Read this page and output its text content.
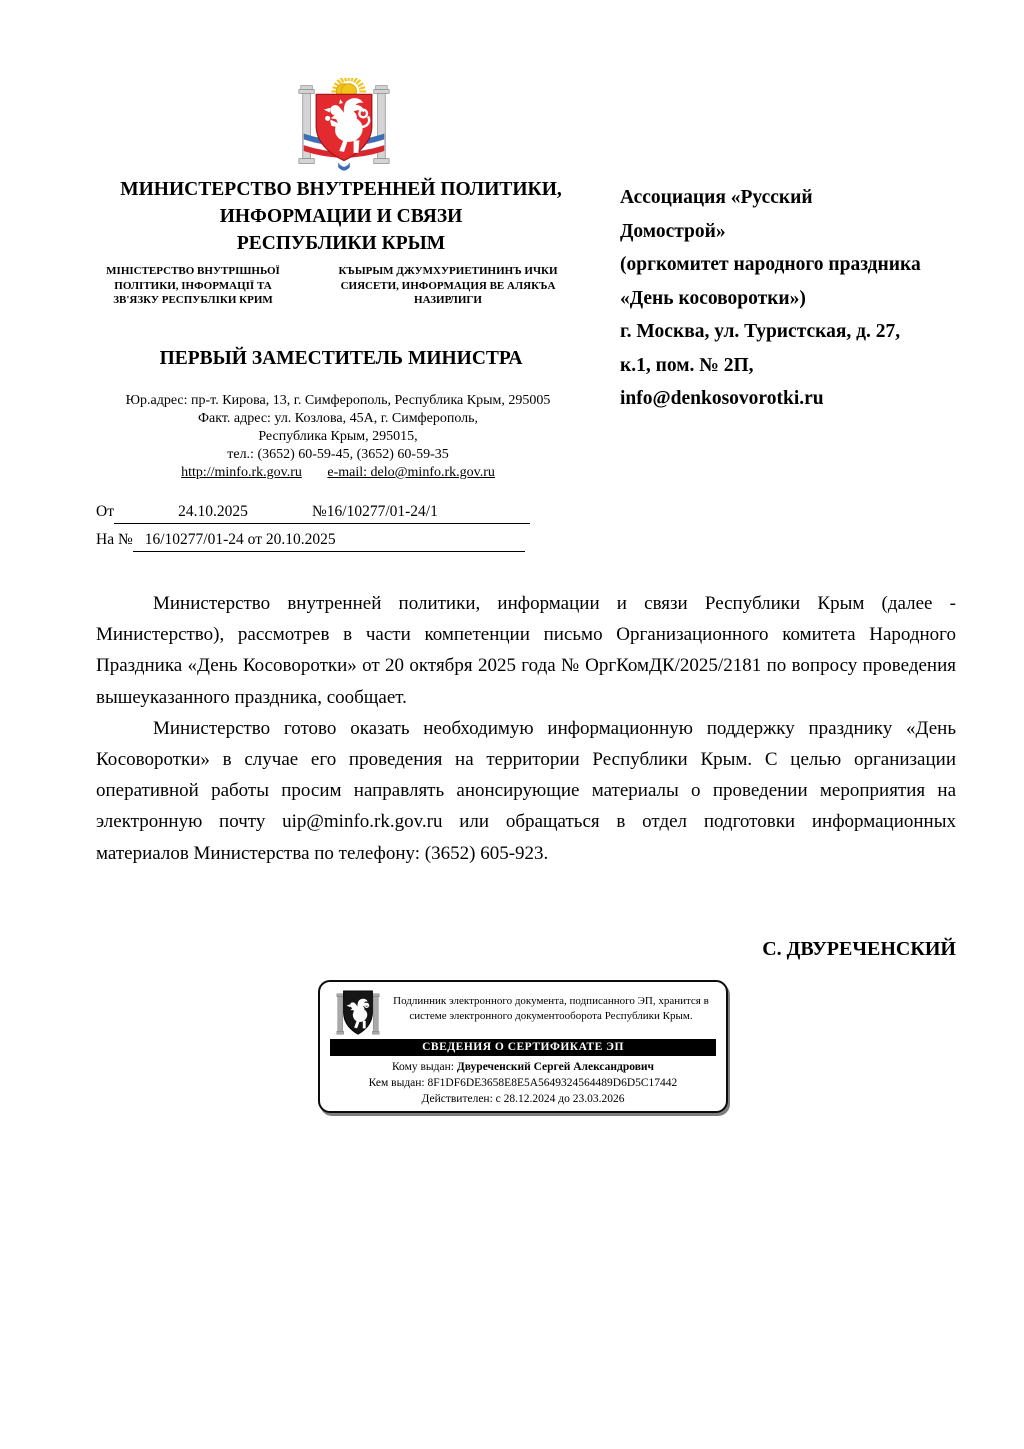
МИНИСТЕРСТВО ВНУТРЕННЕЙ ПОЛИТИКИ,
ИНФОРМАЦИИ И СВЯЗИ
РЕСПУБЛИКИ КРЫМ
МІНІСТЕРСТВО ВНУТРІШНЬОЇ
ПОЛІТИКИ, ІНФОРМАЦІЇ ТА
ЗВ'ЯЗКУ РЕСПУБЛІКИ КРИМ
КЪЫРЫМ ДЖУМХУРИЕТИНИНЪ ИЧКИ
СИЯСЕТИ, ИНФОРМАЦИЯ ВЕ АЛЯКЪА
НАЗИРЛИГИ
ПЕРВЫЙ ЗАМЕСТИТЕЛЬ МИНИСТРА
Юр.адрес: пр-т. Кирова, 13, г. Симферополь, Республика Крым, 295005
Факт. адрес: ул. Козлова, 45А, г. Симферополь,
Республика Крым, 295015,
тел.: (3652) 60-59-45, (3652) 60-59-35
http://minfo.rk.gov.ru e-mail: delo@minfo.rk.gov.ru
От	24.10.2025	№16/10277/01-24/1
На № 16/10277/01-24 от 20.10.2025
Ассоциация «Русский
Домострой»
(оргкомитет народного праздника
«День косоворотки»)
г. Москва, ул. Туристская, д. 27,
к.1, пом. № 2П,
info@denkosovorotki.ru

Министерство внутренней политики, информации и связи Республики Крым (далее - Министерство), рассмотрев в части компетенции письмо Организационного комитета Народного Праздника «День Косоворотки» от 20 октября 2025 года № ОргКомДК/2025/2181 по вопросу проведения вышеуказанного праздника, сообщает.

Министерство готово оказать необходимую информационную поддержку празднику «День Косоворотки» в случае его проведения на территории Республики Крым. С целью организации оперативной работы просим направлять анонсирующие материалы о проведении мероприятия на электронную почту uip@minfo.rk.gov.ru или обращаться в отдел подготовки информационных материалов Министерства по телефону: (3652) 605-923.

С. ДВУРЕЧЕНСКИЙ
Подлинник электронного документа, подписанного ЭП, хранится в
системе электронного документооборота Республики Крым.
СВЕДЕНИЯ О СЕРТИФИКАТЕ ЭП
Кому выдан: Двуреченский Сергей Александрович
Кем выдан: 8F1DF6DE3658E8E5A5649324564489D6D5C17442
Действителен: с 28.12.2024 до 23.03.2026
